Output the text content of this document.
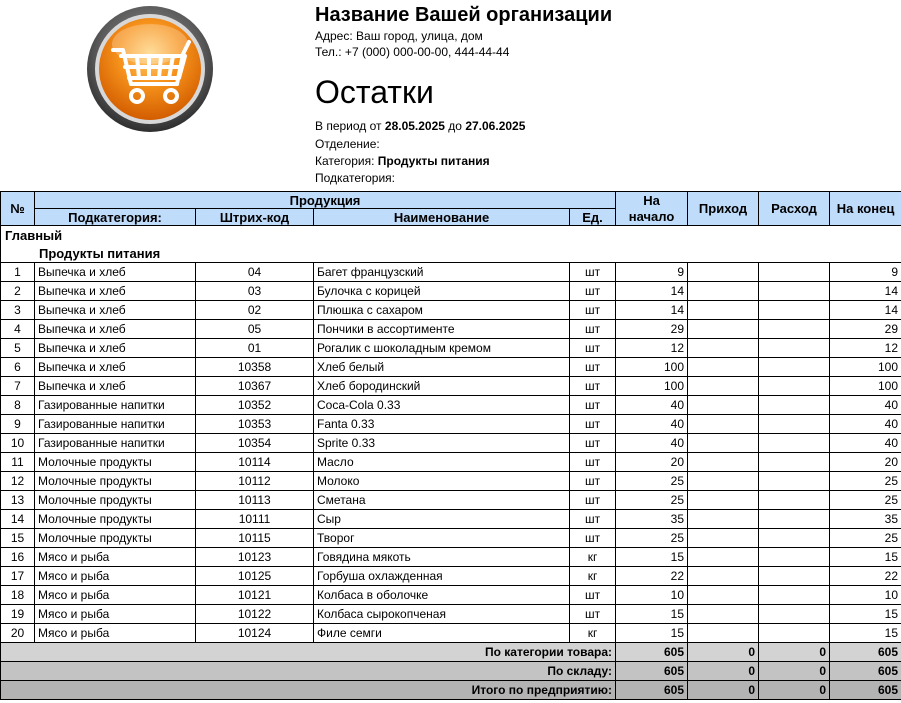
Название Вашей организации
Адрес: Ваш город, улица, дом
Тел.: +7 (000) 000-00-00, 444-44-44
Остатки
В период от 28.05.2025 до 27.06.2025
Отделение:
Категория: Продукты питания
Подкатегория:
№	Продукция				На начало	Приход	Расход	На конец
	Подкатегория:	Штрих-код	Наименование	Ед.				
Главный								
Продукты питания								
1	Выпечка и хлеб	04	Багет французский	шт	9			9
2	Выпечка и хлеб	03	Булочка с корицей	шт	14			14
3	Выпечка и хлеб	02	Плюшка с сахаром	шт	14			14
4	Выпечка и хлеб	05	Пончики в ассортименте	шт	29			29
5	Выпечка и хлеб	01	Рогалик с шоколадным кремом	шт	12			12
6	Выпечка и хлеб	10358	Хлеб белый	шт	100			100
7	Выпечка и хлеб	10367	Хлеб бородинский	шт	100			100
8	Газированные напитки	10352	Coca-Cola 0.33	шт	40			40
9	Газированные напитки	10353	Fanta 0.33	шт	40			40
10	Газированные напитки	10354	Sprite 0.33	шт	40			40
11	Молочные продукты	10114	Масло	шт	20			20
12	Молочные продукты	10112	Молоко	шт	25			25
13	Молочные продукты	10113	Сметана	шт	25			25
14	Молочные продукты	10111	Сыр	шт	35			35
15	Молочные продукты	10115	Творог	шт	25			25
16	Мясо и рыба	10123	Говядина мякоть	кг	15			15
17	Мясо и рыба	10125	Горбуша охлажденная	кг	22			22
18	Мясо и рыба	10121	Колбаса в оболочке	шт	10			10
19	Мясо и рыба	10122	Колбаса сырокопченая	шт	15			15
20	Мясо и рыба	10124	Филе семги	кг	15			15
По категории товара:					605	0	0	605
По складу:					605	0	0	605
Итого по предприятию:					605	0	0	605
